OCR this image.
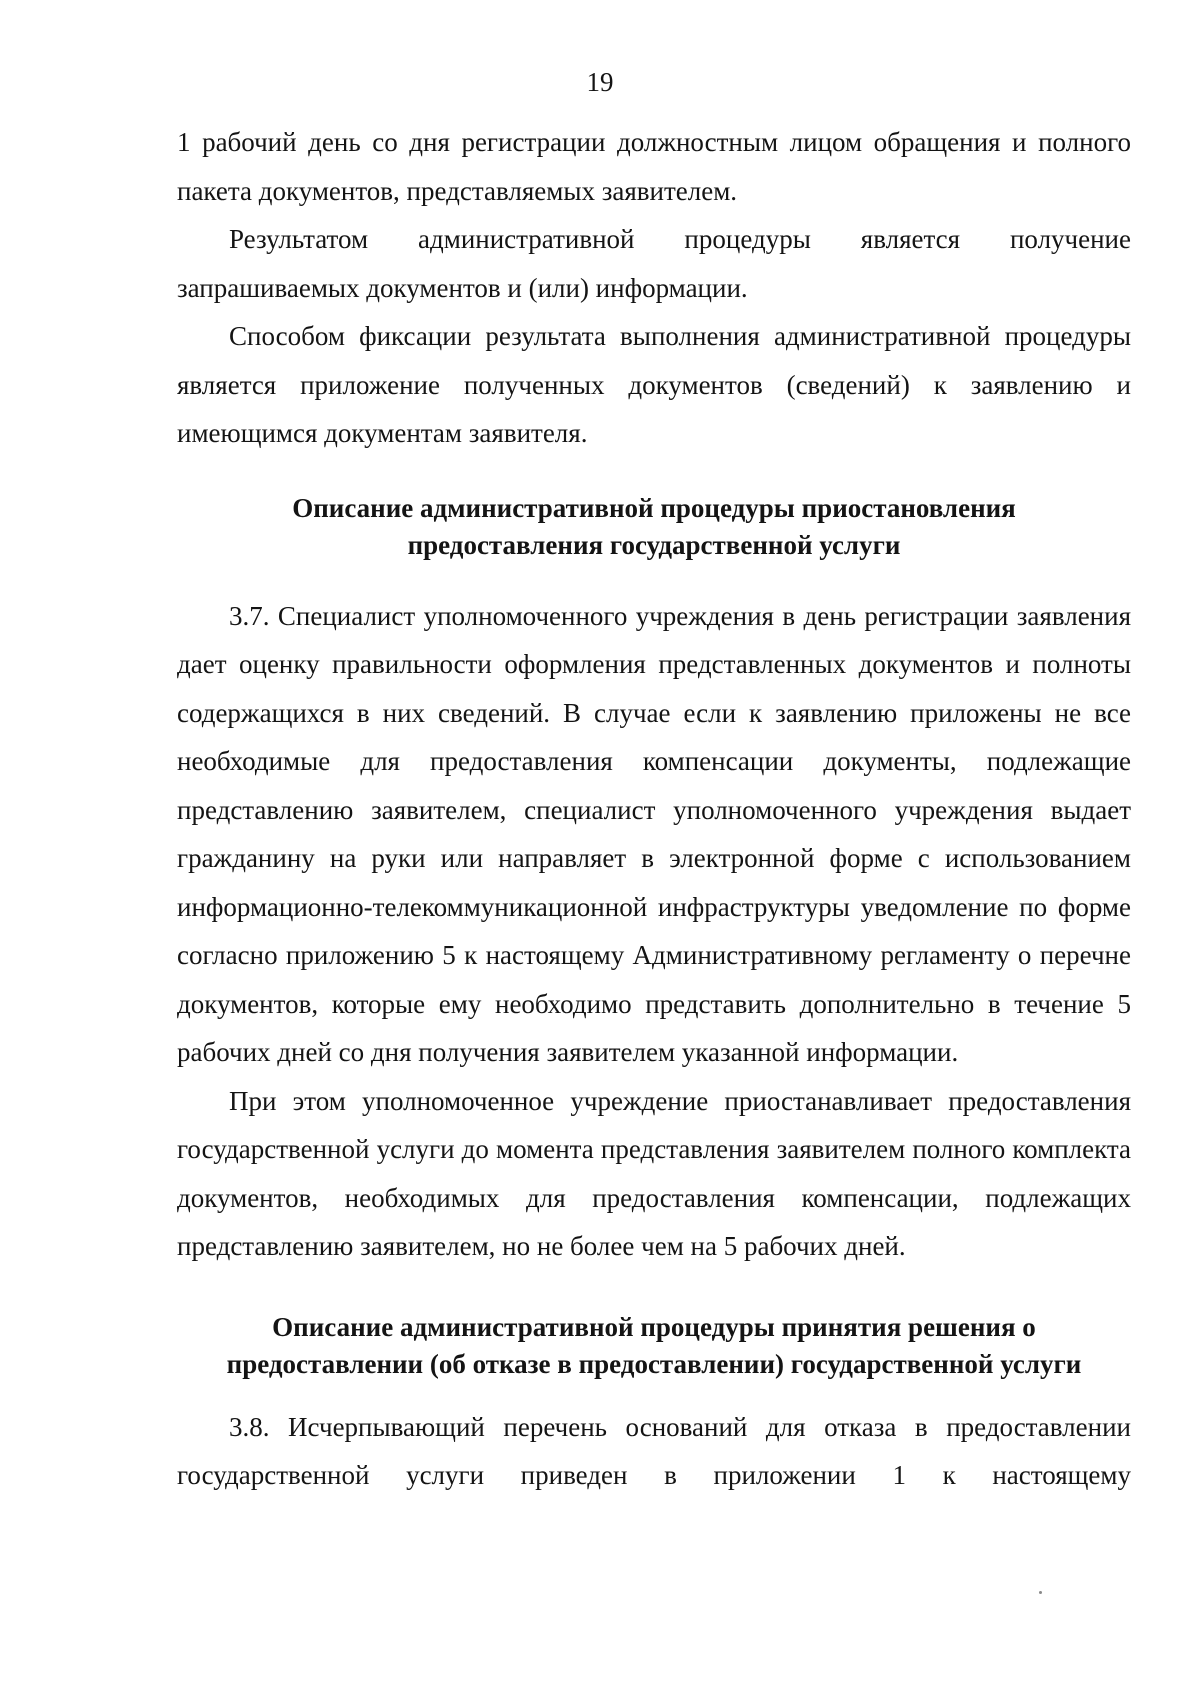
19

1 рабочий день со дня регистрации должностным лицом обращения и полного пакета документов, представляемых заявителем.

Результатом административной процедуры является получение запрашиваемых документов и (или) информации.

Способом фиксации результата выполнения административной процедуры является приложение полученных документов (сведений) к заявлению и имеющимся документам заявителя.

Описание административной процедуры приостановления
предоставления государственной услуги

3.7. Специалист уполномоченного учреждения в день регистрации заявления дает оценку правильности оформления представленных документов и полноты содержащихся в них сведений. В случае если к заявлению приложены не все необходимые для предоставления компенсации документы, подлежащие представлению заявителем, специалист уполномоченного учреждения выдает гражданину на руки или направляет в электронной форме с использованием информационно-телекоммуникационной инфраструктуры уведомление по форме согласно приложению 5 к настоящему Административному регламенту о перечне документов, которые ему необходимо представить дополнительно в течение 5 рабочих дней со дня получения заявителем указанной информации.

При этом уполномоченное учреждение приостанавливает предоставления государственной услуги до момента представления заявителем полного комплекта документов, необходимых для предоставления компенсации, подлежащих представлению заявителем, но не более чем на 5 рабочих дней.

Описание административной процедуры принятия решения о
предоставлении (об отказе в предоставлении) государственной услуги

3.8. Исчерпывающий перечень оснований для отказа в предоставлении

государственной услуги приведен в приложении 1 к настоящему
